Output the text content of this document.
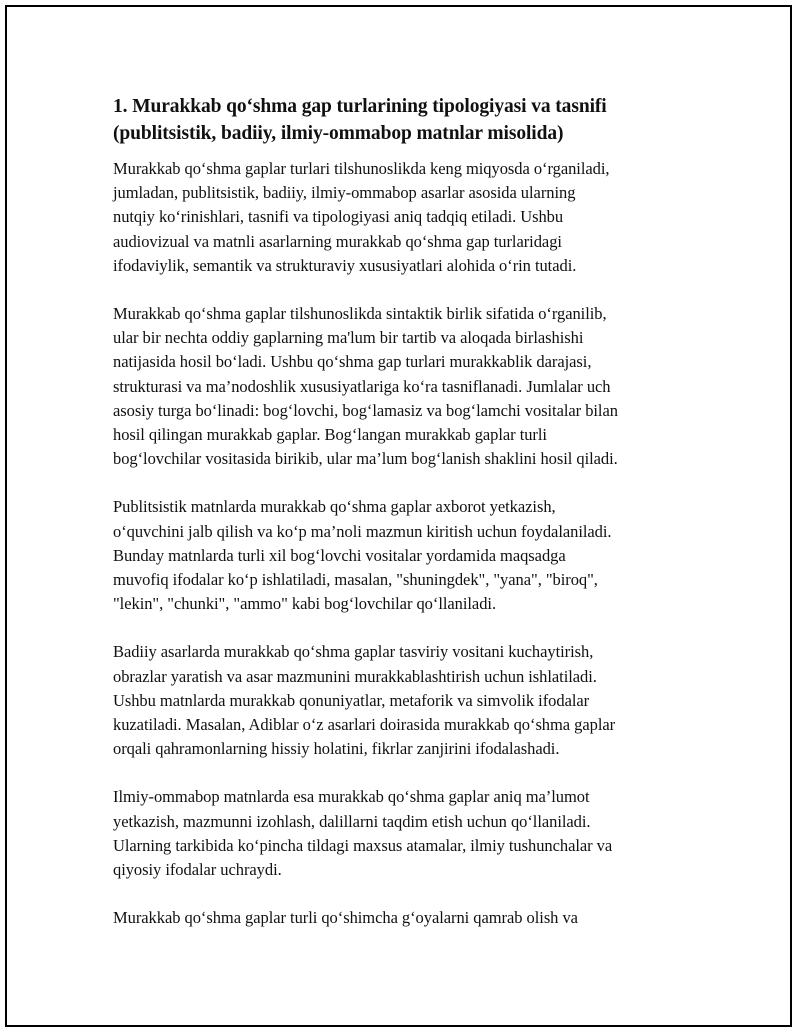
1. Murakkab qo‘shma gap turlarining tipologiyasi va tasnifi
(publitsistik, badiiy, ilmiy-ommabop matnlar misolida)

Murakkab qo‘shma gaplar turlari tilshunoslikda keng miqyosda o‘rganiladi,
jumladan, publitsistik, badiiy, ilmiy-ommabop asarlar asosida ularning
nutqiy ko‘rinishlari, tasnifi va tipologiyasi aniq tadqiq etiladi. Ushbu
audiovizual va matnli asarlarning murakkab qo‘shma gap turlaridagi
ifodaviylik, semantik va strukturaviy xususiyatlari alohida o‘rin tutadi.

Murakkab qo‘shma gaplar tilshunoslikda sintaktik birlik sifatida o‘rganilib,
ular bir nechta oddiy gaplarning ma'lum bir tartib va aloqada birlashishi
natijasida hosil bo‘ladi. Ushbu qo‘shma gap turlari murakkablik darajasi,
strukturasi va ma’nodoshlik xususiyatlariga ko‘ra tasniflanadi. Jumlalar uch
asosiy turga bo‘linadi: bog‘lovchi, bog‘lamasiz va bog‘lamchi vositalar bilan
hosil qilingan murakkab gaplar. Bog‘langan murakkab gaplar turli
bog‘lovchilar vositasida birikib, ular ma’lum bog‘lanish shaklini hosil qiladi.

Publitsistik matnlarda murakkab qo‘shma gaplar axborot yetkazish,
o‘quvchini jalb qilish va ko‘p ma’noli mazmun kiritish uchun foydalaniladi.
Bunday matnlarda turli xil bog‘lovchi vositalar yordamida maqsadga
muvofiq ifodalar ko‘p ishlatiladi, masalan, "shuningdek", "yana", "biroq",
"lekin", "chunki", "ammo" kabi bog‘lovchilar qo‘llaniladi.

Badiiy asarlarda murakkab qo‘shma gaplar tasviriy vositani kuchaytirish,
obrazlar yaratish va asar mazmunini murakkablashtirish uchun ishlatiladi.
Ushbu matnlarda murakkab qonuniyatlar, metaforik va simvolik ifodalar
kuzatiladi. Masalan, Adiblar o‘z asarlari doirasida murakkab qo‘shma gaplar
orqali qahramonlarning hissiy holatini, fikrlar zanjirini ifodalashadi.

Ilmiy-ommabop matnlarda esa murakkab qo‘shma gaplar aniq ma’lumot
yetkazish, mazmunni izohlash, dalillarni taqdim etish uchun qo‘llaniladi.
Ularning tarkibida ko‘pincha tildagi maxsus atamalar, ilmiy tushunchalar va
qiyosiy ifodalar uchraydi.

Murakkab qo‘shma gaplar turli qo‘shimcha g‘oyalarni qamrab olish va
